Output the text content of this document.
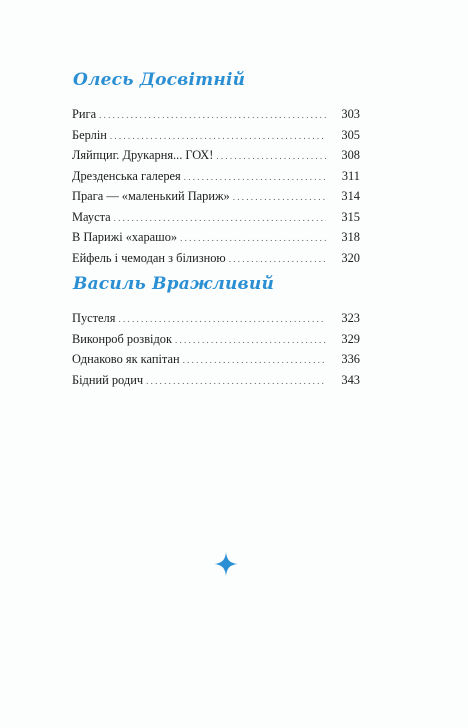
Олесь Досвітній
Рига . . .	303
Берлін . . .	305
Ляйпциг. Друкарня... ГОХ! . . .	308
Дрезденська галерея . . .	311
Прага — «маленький Париж» . . .	314
Мауста . . .	315
В Парижі «харашо» . . .	318
Ейфель і чемодан з білизною . . .	320
Василь Вражливий
Пустеля . . .	323
Виконроб розвідок . . .	329
Однаково як капітан . . .	336
Бідний родич . . .	343
